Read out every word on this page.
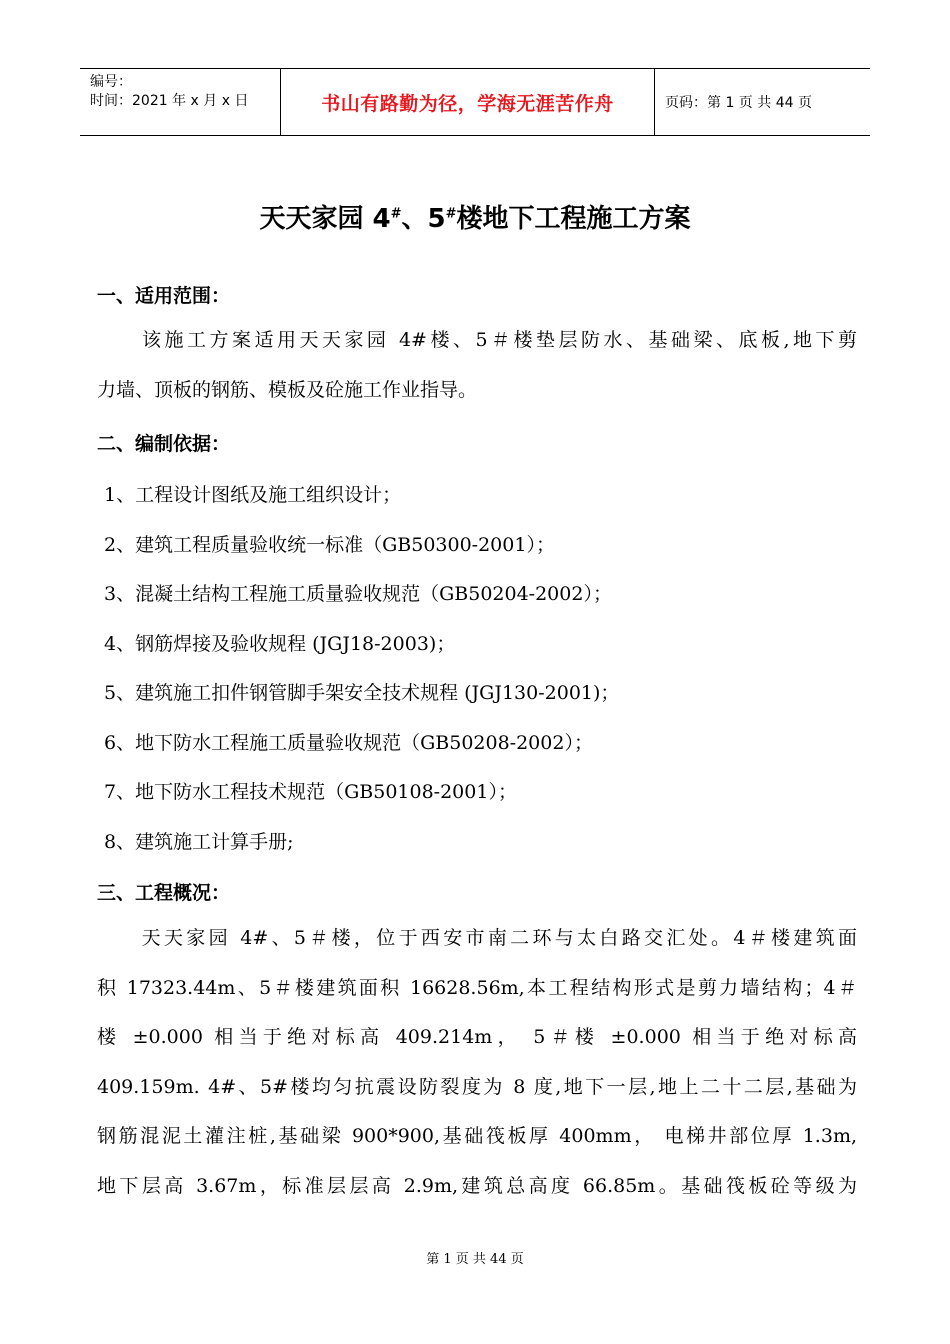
编号：
时间：2021 年 x 月 x 日	书山有路勤为径，学海无涯苦作舟	页码：第 1 页 共 44 页
天天家园 4#、5#楼地下工程施工方案
一、适用范围：
　　该施工方案适用天天家园 4#楼、5＃楼垫层防水、基础梁、底板,地下剪
力墙、顶板的钢筋、模板及砼施工作业指导。
二、编制依据：
1、工程设计图纸及施工组织设计；
2、建筑工程质量验收统一标准（GB50300-2001）；
3、混凝土结构工程施工质量验收规范（GB50204-2002）；
4、钢筋焊接及验收规程 (JGJ18-2003)；
5、建筑施工扣件钢管脚手架安全技术规程 (JGJ130-2001)；
6、地下防水工程施工质量验收规范（GB50208-2002）；
7、地下防水工程技术规范（GB50108-2001）；
8、建筑施工计算手册;
三、工程概况：
　　天天家园 4#、5＃楼，位于西安市南二环与太白路交汇处。4＃楼建筑面
积 17323.44m、5＃楼建筑面积 16628.56m,本工程结构形式是剪力墙结构；4＃
楼 ±0.000 相当于绝对标高 409.214m， 5＃楼 ±0.000 相当于绝对标高
409.159m. 4#、5#楼均匀抗震设防裂度为 8 度,地下一层,地上二十二层,基础为
钢筋混泥土灌注桩,基础梁 900*900,基础筏板厚 400mm， 电梯井部位厚 1.3m,
地下层高 3.67m，标准层层高 2.9m,建筑总高度 66.85m。基础筏板砼等级为
第 1 页 共 44 页
